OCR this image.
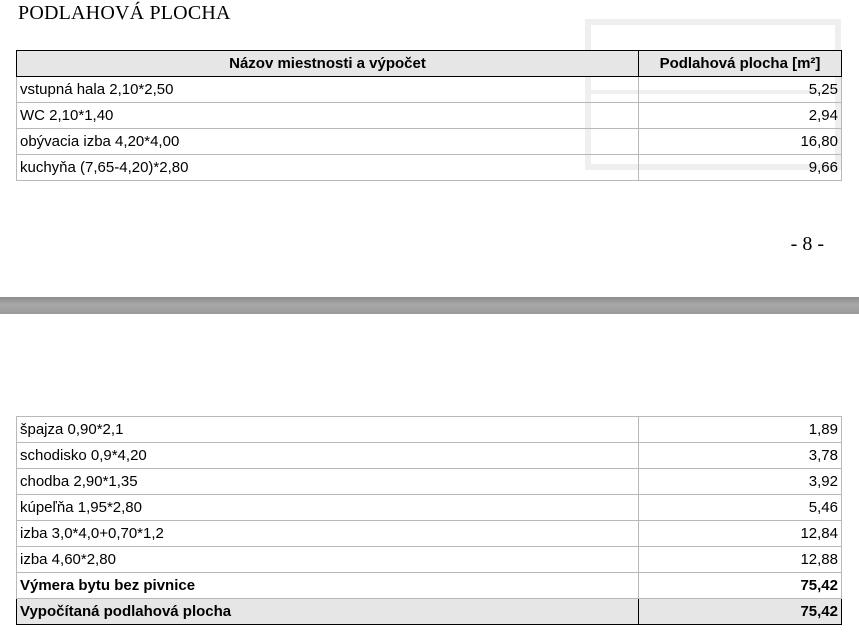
PODLAHOVÁ PLOCHA
Názov miestnosti a výpočet	Podlahová plocha [m²]
vstupná hala 2,10*2,50	5,25
WC 2,10*1,40	2,94
obývacia izba 4,20*4,00	16,80
kuchyňa (7,65-4,20)*2,80	9,66
- 8 -
špajza 0,90*2,1	1,89
schodisko 0,9*4,20	3,78
chodba 2,90*1,35	3,92
kúpeľňa 1,95*2,80	5,46
izba 3,0*4,0+0,70*1,2	12,84
izba 4,60*2,80	12,88
Výmera bytu bez pivnice	75,42
Vypočítaná podlahová plocha	75,42
